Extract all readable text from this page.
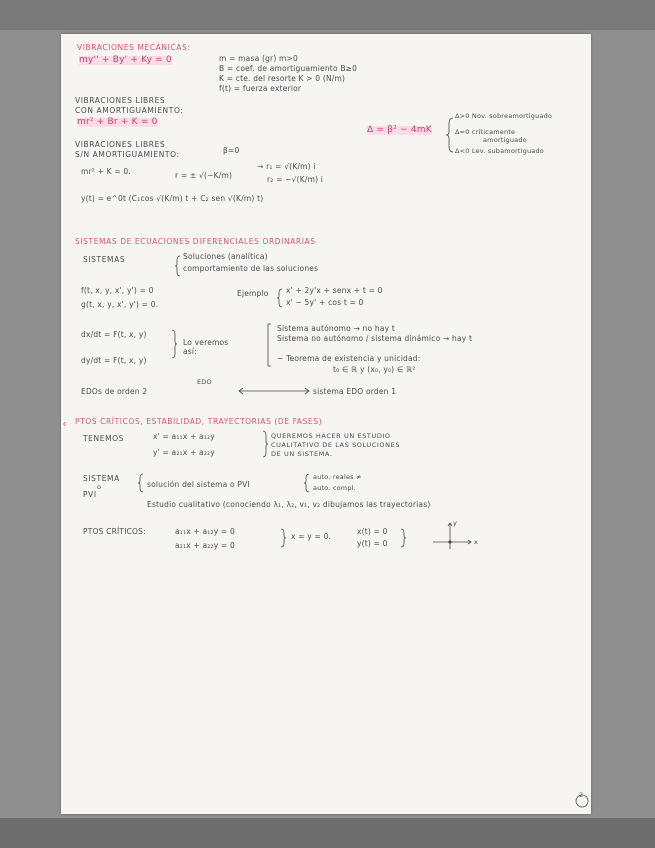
VIBRACIONES MECÁNICAS:
my'' + By' + Ky = 0	m = masa (gr) m>0
B = coef. de amortiguamiento B≥0
K = cte. del resorte K > 0 (N/m)
f(t) = fuerza exterior
VIBRACIONES LIBRES
CON AMORTIGUAMIENTO:
mr² + Br + K = 0
Δ = β² − 4mK
Δ>0 Nov. sobreamortiguado
Δ=0 críticamente
amortiguado
Δ<0 Lev. subamortiguado
VIBRACIONES LIBRES
S/N AMORTIGUAMIENTO:	β=0
mr² + K = 0.	r = ± √(−K/m)
→ r₁ = √(K/m) i
r₂ = −√(K/m) i
y(t) = e^0t (C₁cos √(K/m) t + C₂ sen √(K/m) t)
SISTEMAS DE ECUACIONES DIFERENCIALES ORDINARIAS
SISTEMAS	Soluciones (analítica)
comportamiento de las soluciones
f(t, x, y, x', y') = 0
g(t, x, y, x', y') = 0.
Ejemplo x' + 2y'x + senx + t = 0
x' − 5y' + cos t = 0
dx/dt = F(t, x, y)
dy/dt = F(t, x, y)
Lo veremos así:
Sistema autónomo → no hay t
Sistema no autónomo / sistema dinámico → hay t
− Teorema de existencia y unicidad:
t₀ ∈ ℝ y (x₀, y₀) ∈ ℝ²
EDO
EDOs de orden 2	sistema EDO orden 1
PTOS CRÍTICOS, ESTABILIDAD, TRAYECTORIAS (DE FASES)
TENEMOS	x' = a₁₁x + a₁₂y
y' = a₂₁x + a₂₂y
QUEREMOS HACER UN ESTUDIO
CUALITATIVO DE LAS SOLUCIONES
DE UN SISTEMA.
SISTEMA
o
PVI
solución del sistema o PVI
auto. reales ≠
auto. compl.
Estudio cualitativo (conociendo λ₁, λ₂, v₁, v₂ dibujamos las trayectorias)
PTOS CRÍTICOS:	a₁₁x + a₁₂y = 0
a₂₁x + a₂₂y = 0
x = y = 0.
x(t) = 0
y(t) = 0
y
x
2
